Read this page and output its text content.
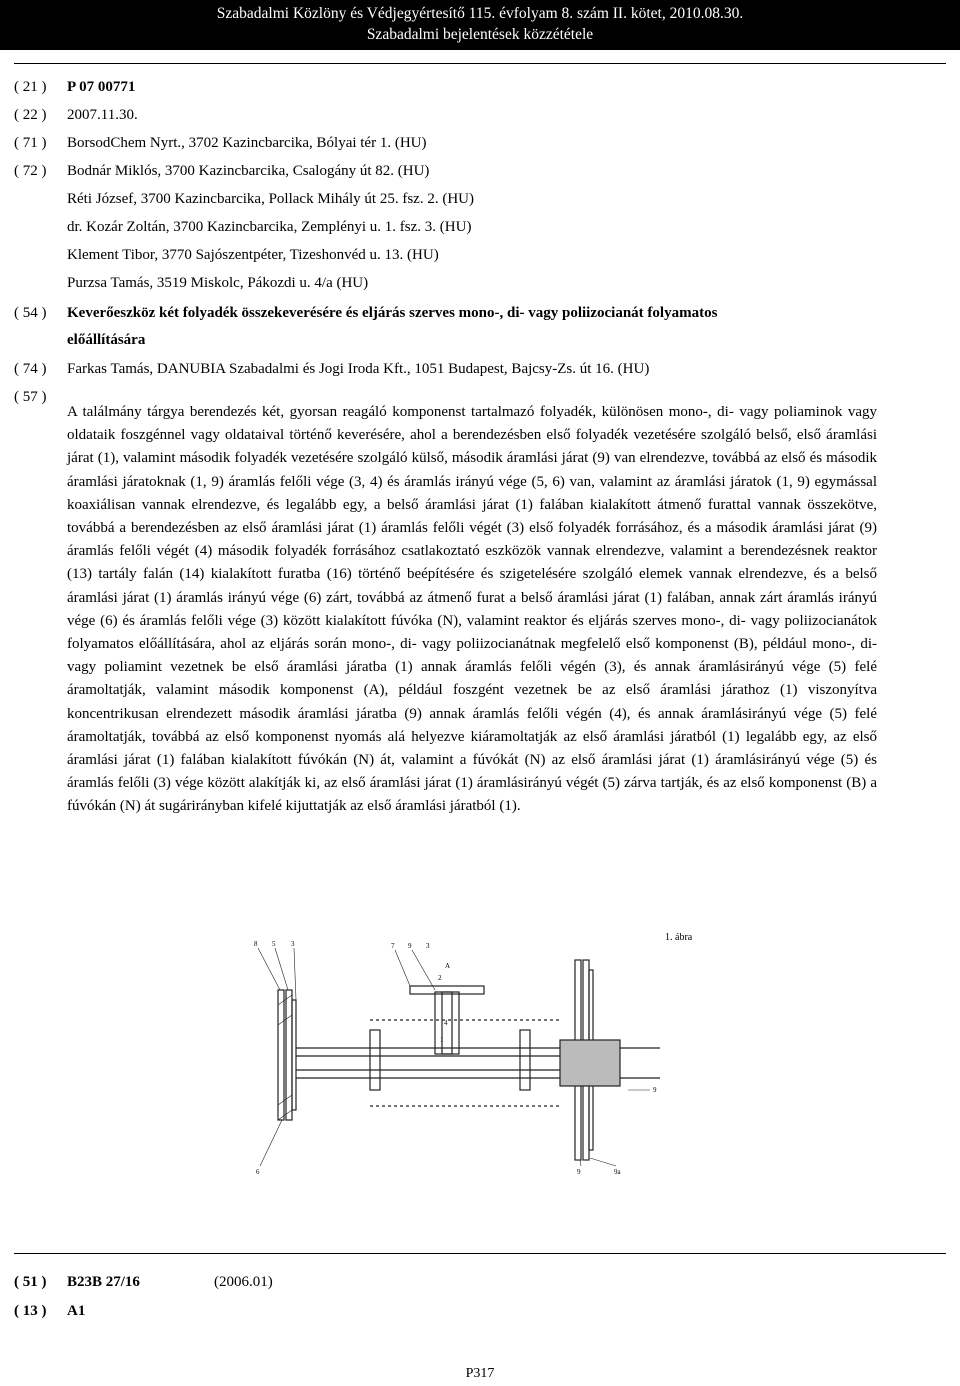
Szabadalmi Közlöny és Védjegyértesítő 115. évfolyam 8. szám II. kötet, 2010.08.30.
Szabadalmi bejelentések közzététele
( 21 )	P 07 00771
( 22 )	2007.11.30.
( 71 )	BorsodChem Nyrt., 3702 Kazincbarcika, Bólyai tér 1. (HU)
( 72 )	Bodnár Miklós, 3700 Kazincbarcika, Csalogány út 82. (HU)
Réti József, 3700 Kazincbarcika, Pollack Mihály út 25. fsz. 2. (HU)
dr. Kozár Zoltán, 3700 Kazincbarcika, Zemplényi u. 1. fsz. 3. (HU)
Klement Tibor, 3770 Sajószentpéter, Tizeshonvéd u. 13. (HU)
Purzsa Tamás, 3519 Miskolc, Pákozdi u. 4/a (HU)
( 54 )	Keverőeszköz két folyadék összekeverésére és eljárás szerves mono-, di- vagy poliizocianát folyamatos
előállítására
( 74 )	Farkas Tamás, DANUBIA Szabadalmi és Jogi Iroda Kft., 1051 Budapest, Bajcsy-Zs. út 16. (HU)
( 57 )
A találmány tárgya berendezés két, gyorsan reagáló komponenst tartalmazó folyadék, különösen mono-, di- vagy poliaminok vagy oldataik foszgénnel vagy oldataival történő keverésére, ahol a berendezésben első folyadék vezetésére szolgáló belső, első áramlási járat (1), valamint második folyadék vezetésére szolgáló külső, második áramlási járat (9) van elrendezve, továbbá az első és második áramlási járatoknak (1, 9) áramlás felőli vége (3, 4) és áramlás irányú vége (5, 6) van, valamint az áramlási járatok (1, 9) egymással koaxiálisan vannak elrendezve, és legalább egy, a belső áramlási járat (1) falában kialakított átmenő furattal vannak összekötve, továbbá a berendezésben az első áramlási járat (1) áramlás felőli végét (3) első folyadék forrásához, és a második áramlási járat (9) áramlás felőli végét (4) második folyadék forrásához csatlakoztató eszközök vannak elrendezve, valamint a berendezésnek reaktor (13) tartály falán (14) kialakított furatba (16) történő beépítésére és szigetelésére szolgáló elemek vannak elrendezve, és a belső áramlási járat (1) áramlás irányú vége (6) zárt, továbbá az átmenő furat a belső áramlási járat (1) falában, annak zárt áramlás irányú vége (6) és áramlás felőli vége (3) között kialakított fúvóka (N), valamint reaktor és eljárás szerves mono-, di- vagy poliizocianátok folyamatos előállítására, ahol az eljárás során mono-, di- vagy poliizocianátnak megfelelő első komponenst (B), például mono-, di- vagy poliamint vezetnek be első áramlási járatba (1) annak áramlás felőli végén (3), és annak áramlásirányú vége (5) felé áramoltatják, valamint második komponenst (A), például foszgént vezetnek be az első áramlási járathoz (1) viszonyítva koncentrikusan elrendezett második áramlási járatba (9) annak áramlás felőli végén (4), és annak áramlásirányú vége (5) felé áramoltatják, továbbá az első komponenst nyomás alá helyezve kiáramoltatják az első áramlási járatból (1) legalább egy, az első áramlási járat (1) falában kialakított fúvókán (N) át, valamint a fúvókát (N) az első áramlási járat (1) áramlásirányú vége (5) és áramlás felőli (3) vége között alakítják ki, az első áramlási járat (1) áramlásirányú végét (5) zárva tartják, és az első komponenst (B) a fúvókán (N) át sugárirányban kifelé kijuttatják az első áramlási járatból (1).
1. ábra
8 5 3	7 9 3
A
2
4
1
6
9
9	9a
( 51 )	B23B 27/16	(2006.01)
( 13 )	A1
P317
